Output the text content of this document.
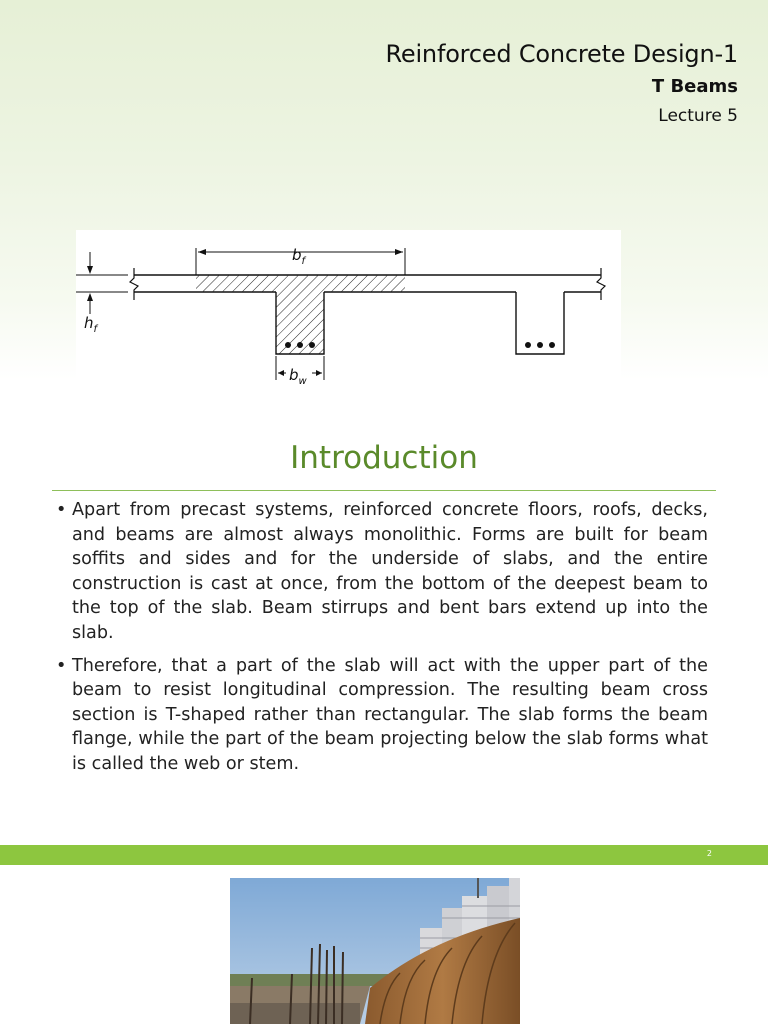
Reinforced Concrete Design-1
T Beams
Lecture 5
$b_f$
$h_f$
$b_w$
Introduction
• Apart from precast systems, reinforced concrete floors, roofs, decks, and beams are almost always monolithic. Forms are built for beam soffits and sides and for the underside of slabs, and the entire construction is cast at once, from the bottom of the deepest beam to the top of the slab. Beam stirrups and bent bars extend up into the slab.
• Therefore, that a part of the slab will act with the upper part of the beam to resist longitudinal compression. The resulting beam cross section is T-shaped rather than rectangular. The slab forms the beam flange, while the part of the beam projecting below the slab forms what is called the web or stem.
2
